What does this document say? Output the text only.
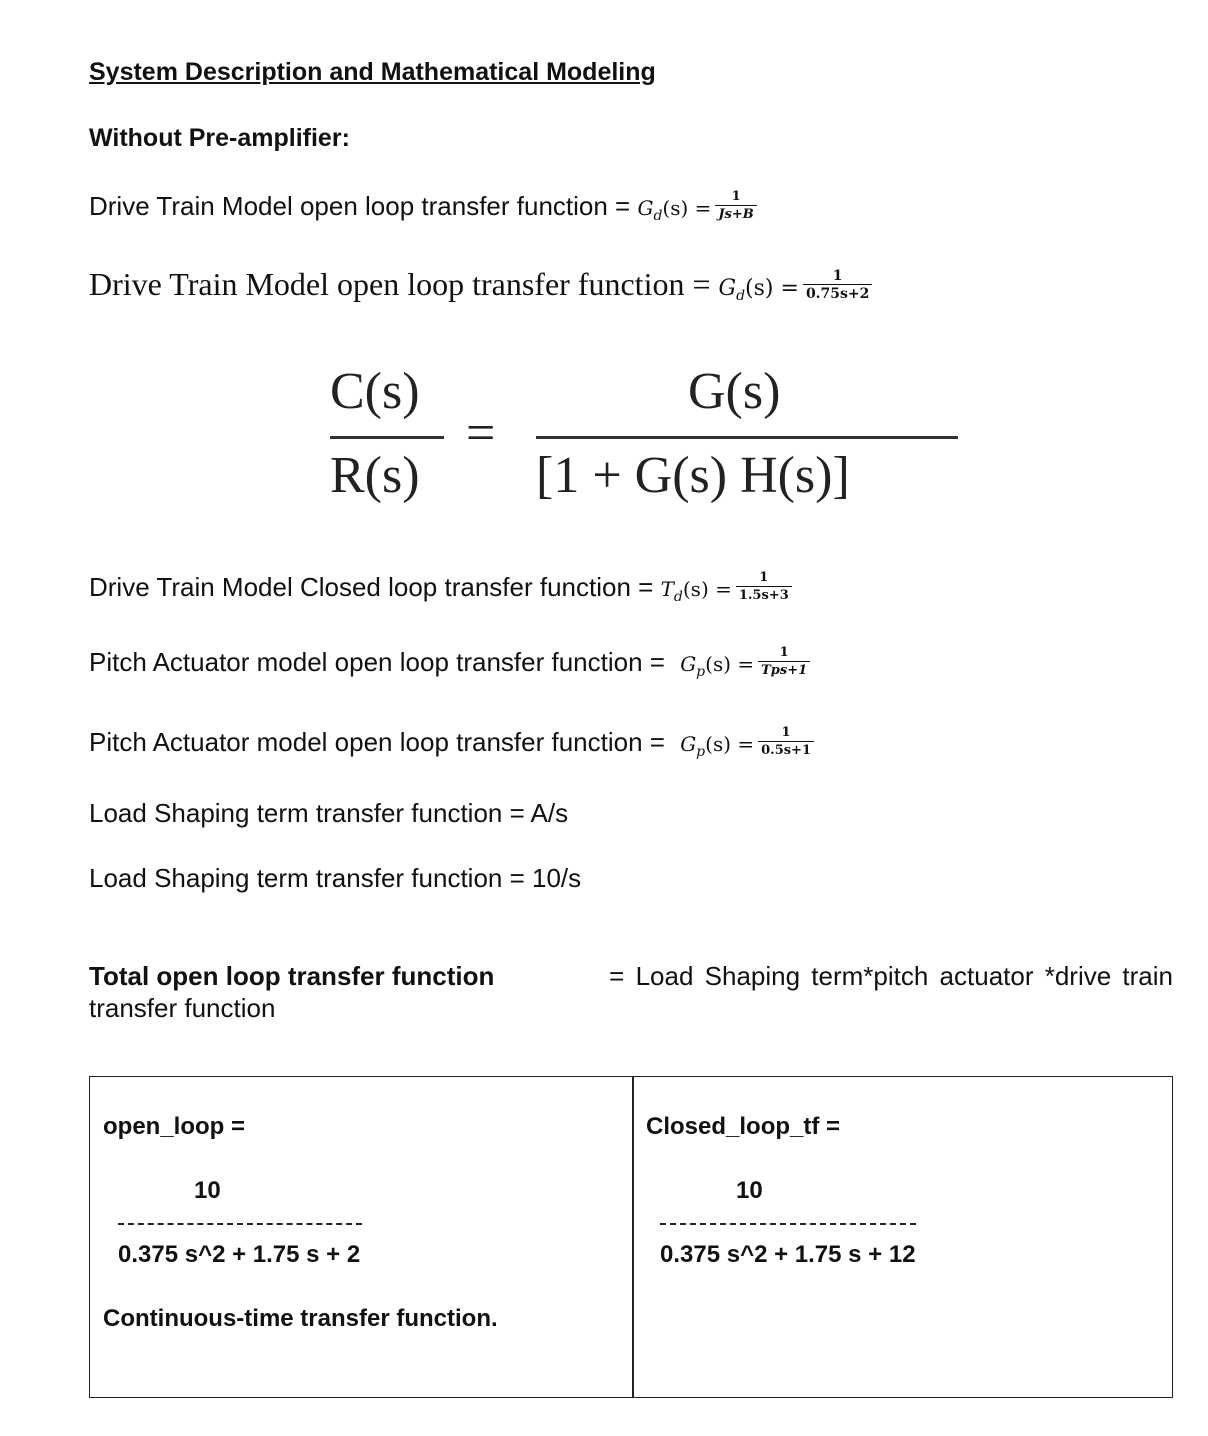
System Description and Mathematical Modeling
Without Pre-amplifier:
Drive Train Model open loop transfer function = $G_d(s) = \frac{1}{Js+B}$
Drive Train Model open loop transfer function = $G_d(s) = \frac{1}{0.75s+2}$
C(s)
R(s)
=
G(s)
[1 + G(s) H(s)]
Drive Train Model Closed loop transfer function = $T_d(s) = \frac{1}{1.5s+3}$
Pitch Actuator model open loop transfer function = $G_p(s) = \frac{1}{\text{Tps+1}}$
Pitch Actuator model open loop transfer function = $G_p(s) = \frac{1}{0.5s+1}$
Load Shaping term transfer function = A/s
Load Shaping term transfer function = 10/s
Total open loop transfer function	= Load Shaping term*pitch actuator *drive train
transfer function
open_loop =
10
0.375 s^2 + 1.75 s + 2
Continuous-time transfer function.
Closed_loop_tf =
10
0.375 s^2 + 1.75 s + 12
